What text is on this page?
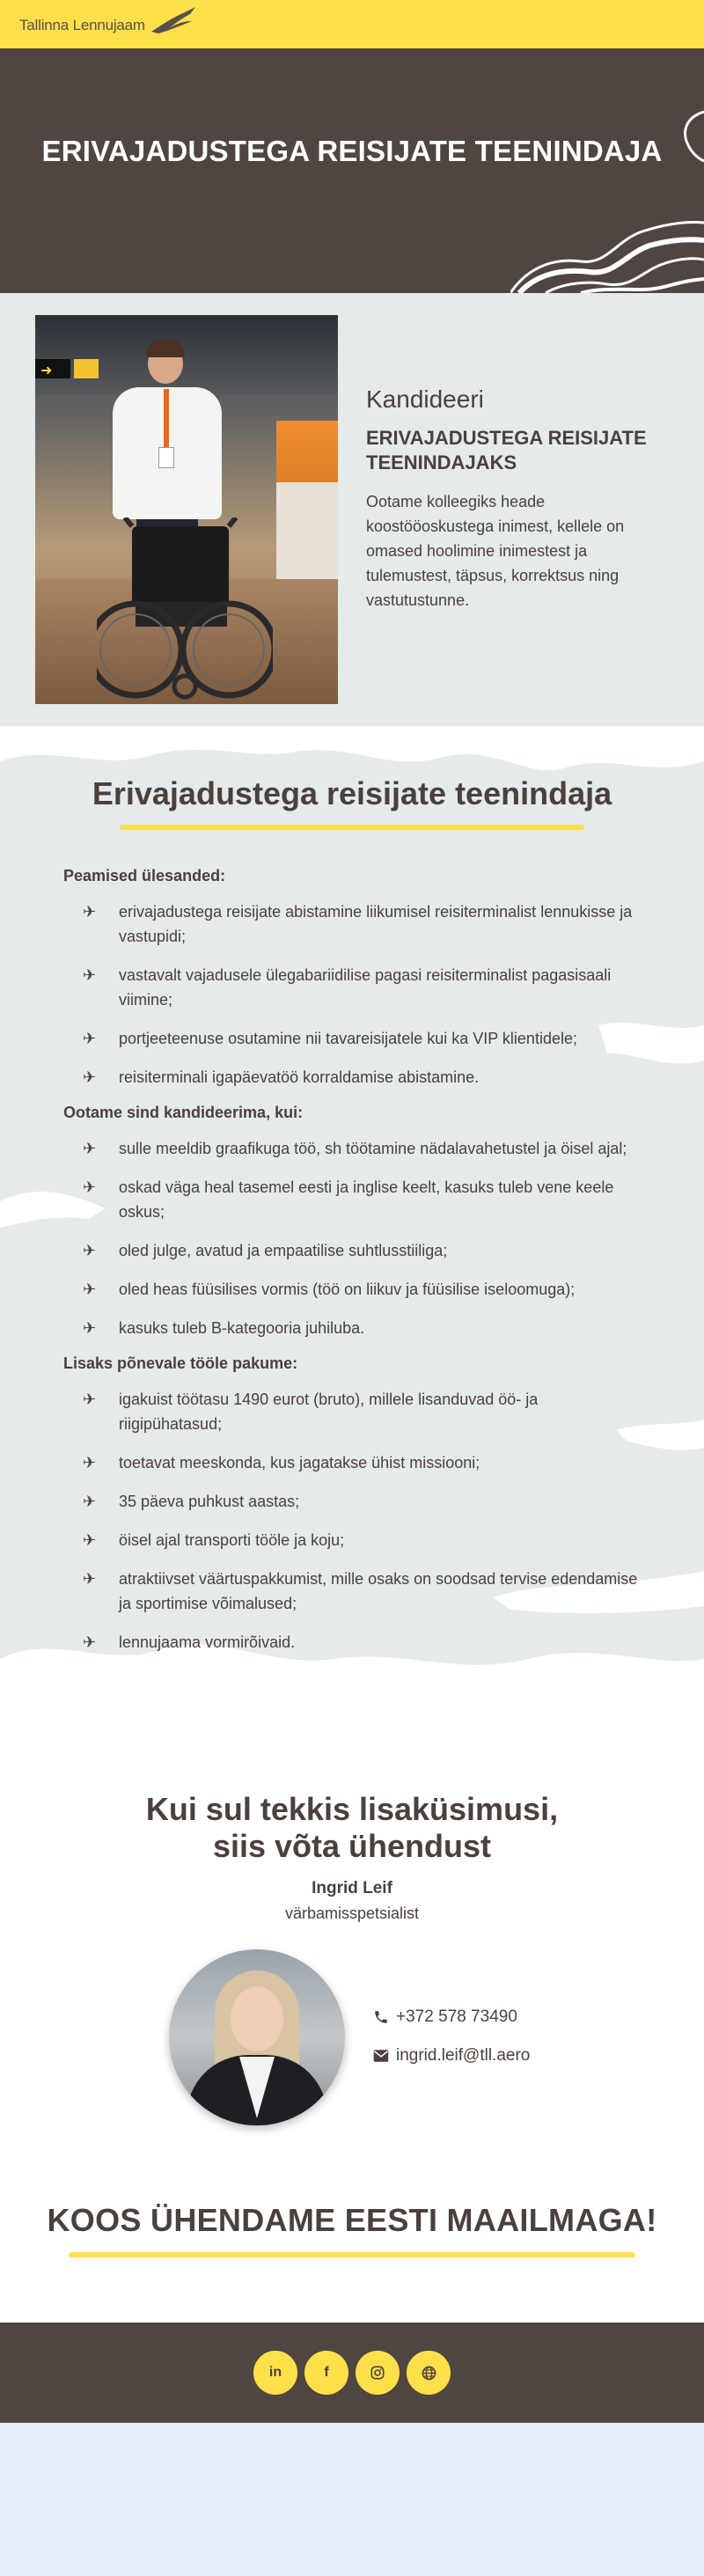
Tallinna Lennujaam
ERIVAJADUSTEGA REISIJATE TEENINDAJA
➜
Kandideeri
ERIVAJADUSTEGA REISIJATE TEENINDAJAKS

Ootame kolleegiks heade koostööoskustega inimest, kellele on omased hoolimine inimestest ja tulemustest, täpsus, korrektsus ning vastutustunne.

Erivajadustega reisijate teenindaja
Peamised ülesanded:
✈ erivajadustega reisijate abistamine liikumisel reisiterminalist lennukisse ja vastupidi;
✈ vastavalt vajadusele ülegabariidilise pagasi reisiterminalist pagasisaali viimine;
✈ portjeeteenuse osutamine nii tavareisijatele kui ka VIP klientidele;
✈ reisiterminali igapäevatöö korraldamise abistamine.
Ootame sind kandideerima, kui:
✈ sulle meeldib graafikuga töö, sh töötamine nädalavahetustel ja öisel ajal;
✈ oskad väga heal tasemel eesti ja inglise keelt, kasuks tuleb vene keele oskus;
✈ oled julge, avatud ja empaatilise suhtlusstiiliga;
✈ oled heas füüsilises vormis (töö on liikuv ja füüsilise iseloomuga);
✈ kasuks tuleb B-kategooria juhiluba.
Lisaks põnevale tööle pakume:
✈ igakuist töötasu 1490 eurot (bruto), millele lisanduvad öö- ja riigipühatasud;
✈ toetavat meeskonda, kus jagatakse ühist missiooni;
✈ 35 päeva puhkust aastas;
✈ öisel ajal transporti tööle ja koju;
✈ atraktiivset väärtuspakkumist, mille osaks on soodsad tervise edendamise ja sportimise võimalused;
✈ lennujaama vormirõivaid.
Kui sul tekkis lisaküsimusi,
siis võta ühendust
Ingrid Leif
värbamisspetsialist
+372 578 73490
ingrid.leif@tll.aero
KOOS ÜHENDAME EESTI MAAILMAGA!
in	f
